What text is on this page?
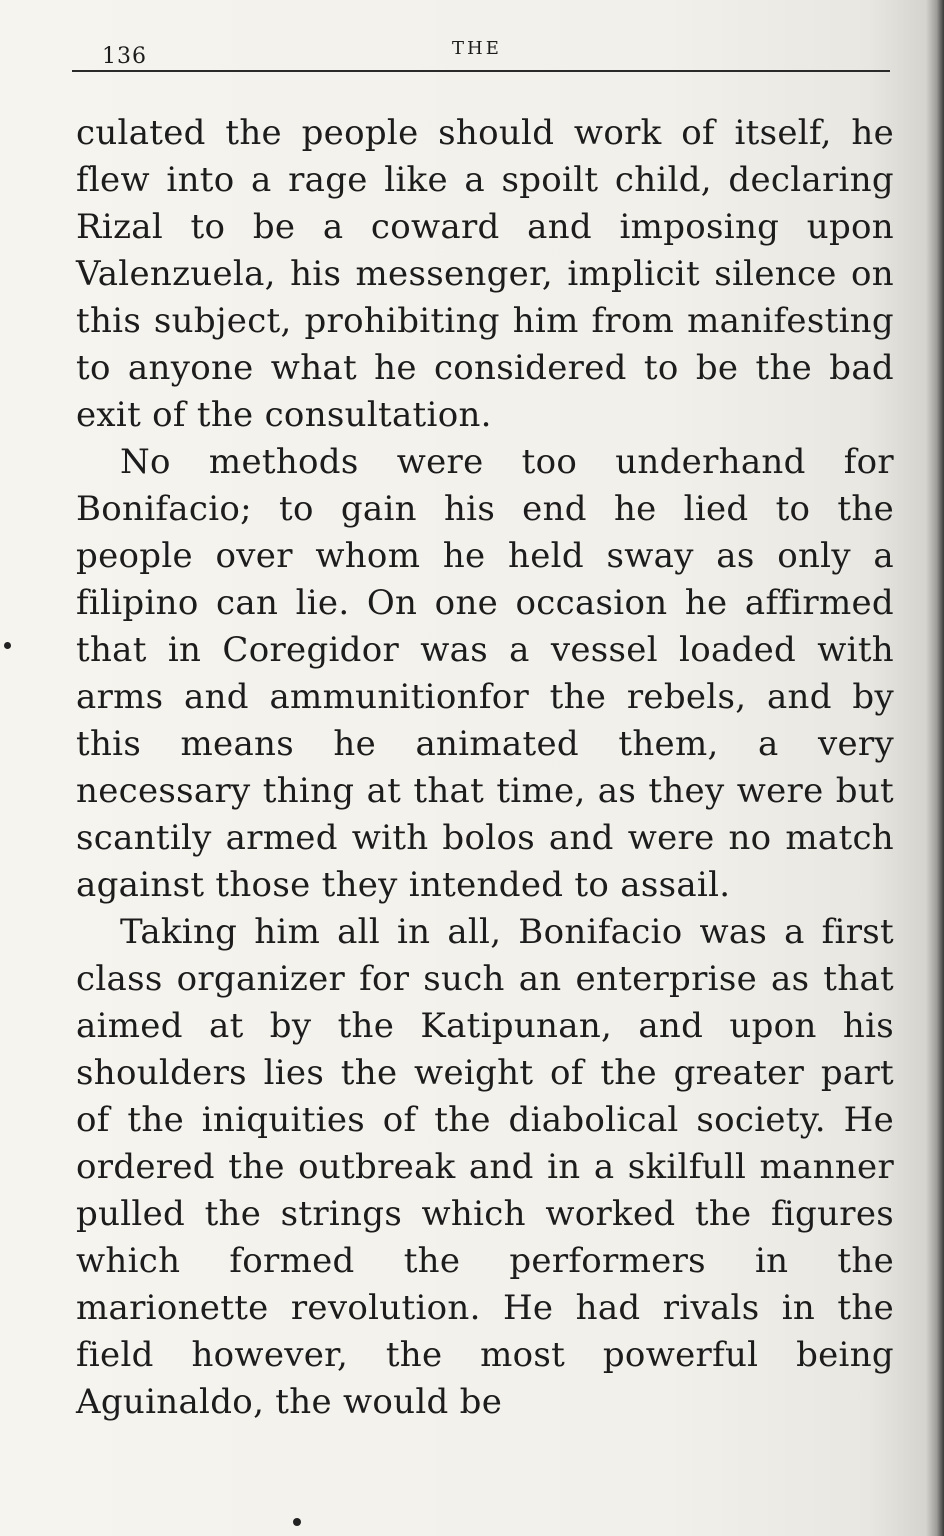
136	THE

culated the people should work of itself, he flew into a rage like a spoilt child, declaring Rizal to be a coward and imposing upon Valenzuela, his messenger, implicit silence on this subject, prohibiting him from manifesting to anyone what he considered to be the bad exit of the consultation.

No methods were too underhand for Bonifacio; to gain his end he lied to the people over whom he held sway as only a filipino can lie. On one occasion he affirmed that in Coregidor was a vessel loaded with arms and ammunitionfor the rebels, and by this means he animated them, a very necessary thing at that time, as they were but scantily armed with bolos and were no match against those they intended to assail.

Taking him all in all, Bonifacio was a first class organizer for such an enterprise as that aimed at by the Katipunan, and upon his shoulders lies the weight of the greater part of the iniquities of the diabolical society. He ordered the outbreak and in a skilfull manner pulled the strings which worked the figures which formed the performers in the marionette revolution. He had rivals in the field however, the most powerful being Aguinaldo, the would be
